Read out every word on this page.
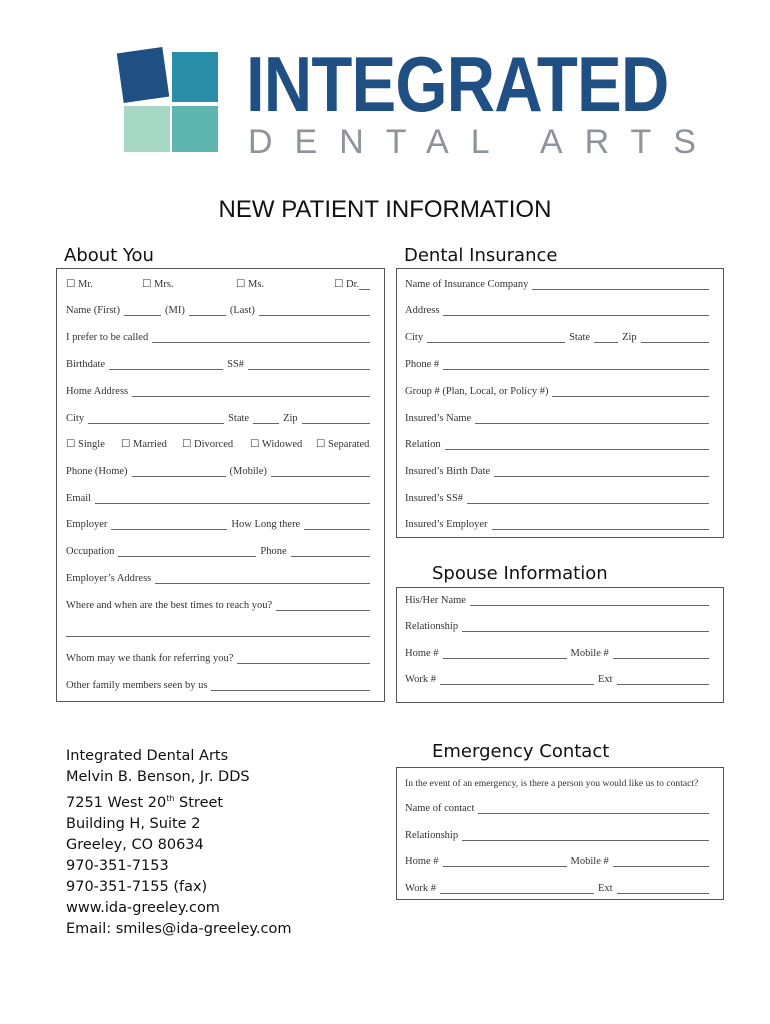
INTEGRATED
DENTAL ARTS
NEW PATIENT INFORMATION
About You
☐ Mr.	☐ Mrs.	☐ Ms.	☐ Dr.
Name (First)	(MI)	(Last)
I prefer to be called
Birthdate	SS#
Home Address
City	State	Zip
☐ Single	☐ Married	☐ Divorced	☐ Widowed	☐ Separated
Phone (Home)	(Mobile)
Email
Employer	How Long there
Occupation	Phone
Employer’s Address
Where and when are the best times to reach you?
Whom may we thank for referring you?
Other family members seen by us
Dental Insurance
Name of Insurance Company
Address
City	State	Zip
Phone #
Group # (Plan, Local, or Policy #)
Insured’s Name
Relation
Insured’s Birth Date
Insured’s SS#
Insured’s Employer
Spouse Information
His/Her Name
Relationship
Home #	Mobile #
Work #	Ext
Emergency Contact
In the event of an emergency, is there a person you would like us to contact?
Name of contact
Relationship
Home #	Mobile #
Work #	Ext
Integrated Dental Arts
Melvin B. Benson, Jr. DDS
7251 West 20th Street
Building H, Suite 2
Greeley, CO 80634
970-351-7153
970-351-7155 (fax)
www.ida-greeley.com
Email: smiles@ida-greeley.com
